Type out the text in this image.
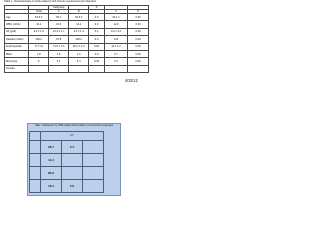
Table 1. Characteristics of study subjects with chronic myelomonocytic disorders
		Subgroup		P		
	Total	A	B		C	P
Age	64.6 ±	65 ±	62.6 ±	0.0	62.1 ±	0.00
WBC (x10/L)	10.1	10.6	12.1	0.0	12.6	0.00
Hb (g/dl)	9.2 ± 1.6	10.4 ± 1.7	9.1 ± 1.4	0.1	9.3 ± 1.6	0.00
Platelet (x10/L)	104.2	97.8	125.2	0.0	131	0.00
Erythropoietin	77 ± 11	71.6 ± 1.5	80.2 ± 1.3	0.00	14 ± 1.2	0.00
Blast	1.8	1.8	1.6	0.0	0.7	0.00
Monocyte	6	6.1	6.4	0.00	6.1	0.00
Female						
403/12
Table - Parameters by CMR-related abnormalities in chromosome subgroups
	CY		

	66.7	5.7	

	14.4		

	85.9		

	16.1	5.9	
